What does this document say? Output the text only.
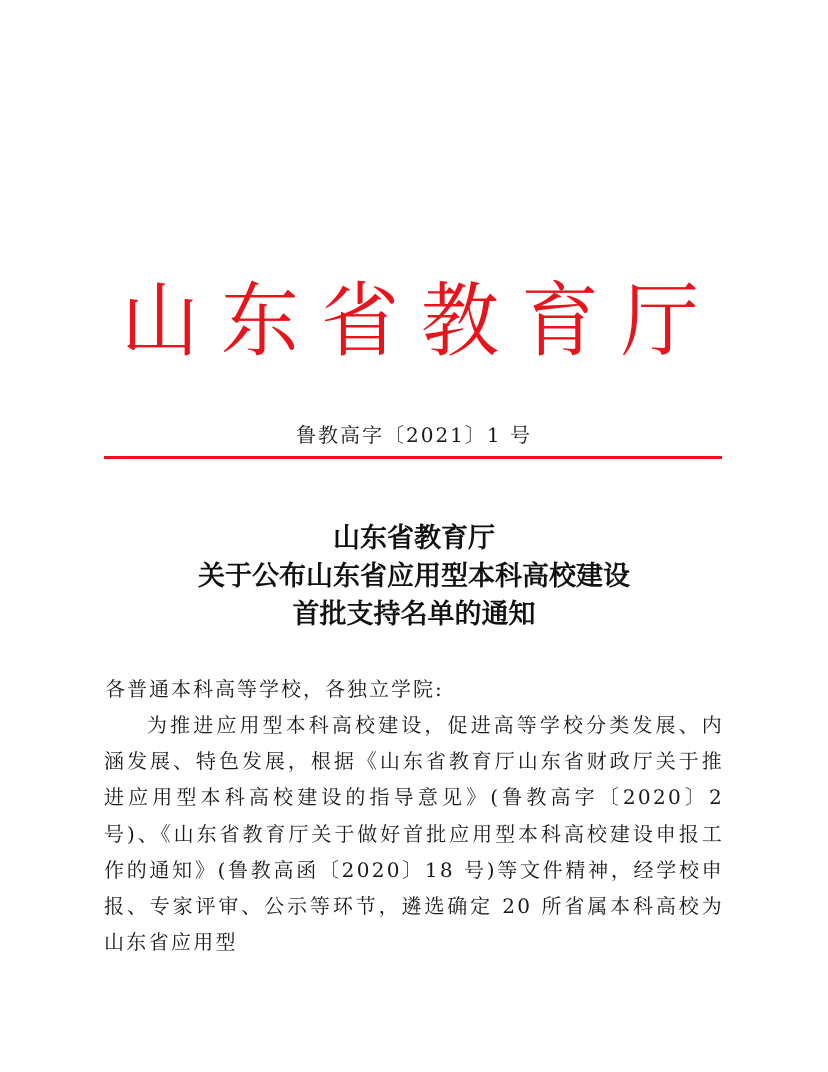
山东省教育厅
鲁教高字〔2021〕1 号
山东省教育厅
关于公布山东省应用型本科高校建设
首批支持名单的通知
各普通本科高等学校，各独立学院:

为推进应用型本科高校建设，促进高等学校分类发展、内涵发展、特色发展，根据《山东省教育厅山东省财政厅关于推进应用型本科高校建设的指导意见》(鲁教高字〔2020〕2 号)、《山东省教育厅关于做好首批应用型本科高校建设申报工作的通知》(鲁教高函〔2020〕18 号)等文件精神，经学校申报、专家评审、公示等环节，遴选确定 20 所省属本科高校为山东省应用型
